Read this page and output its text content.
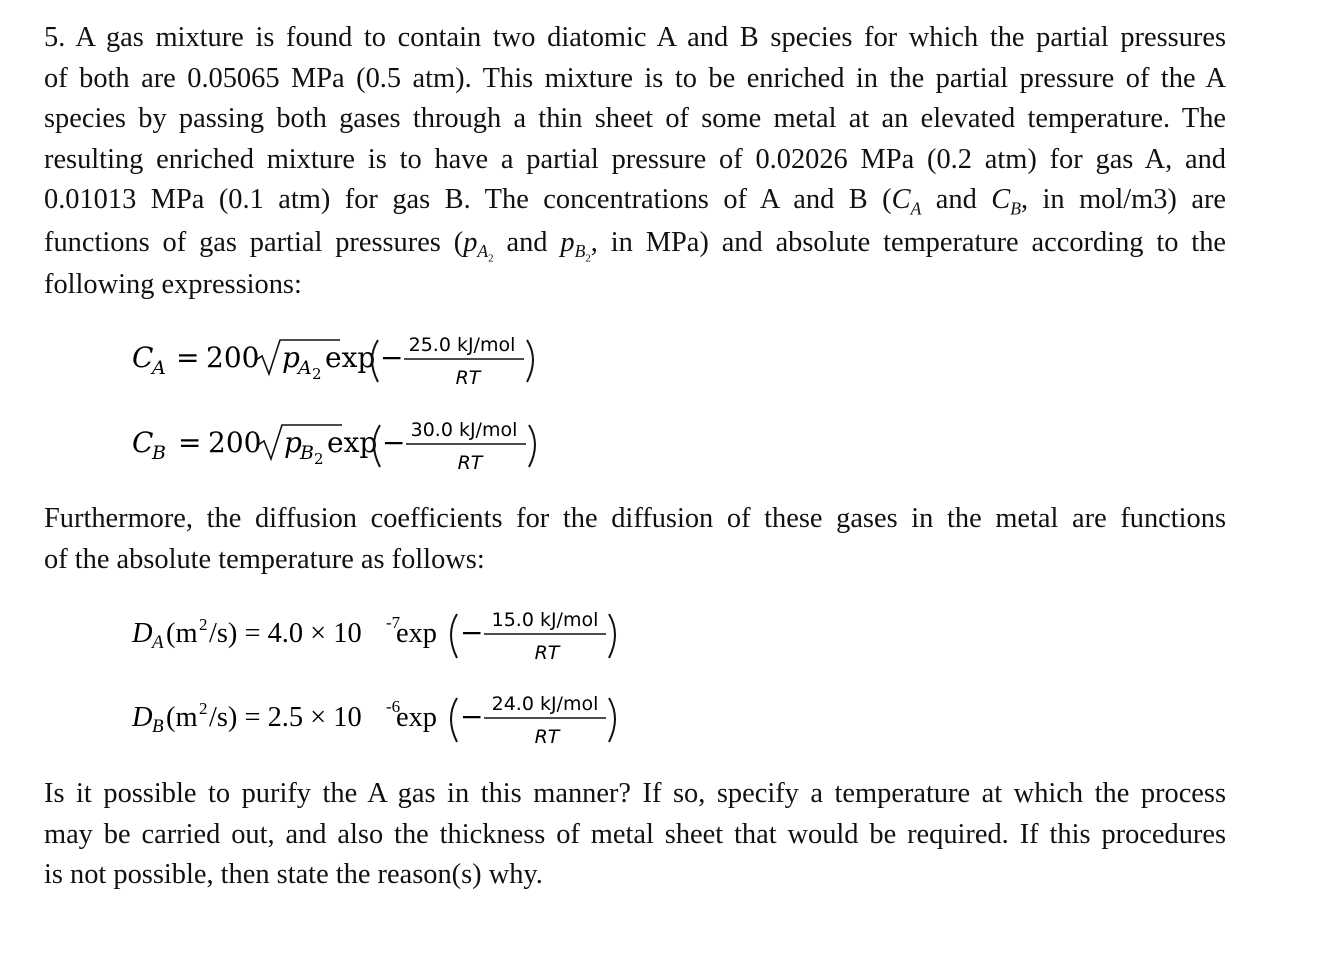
5. A gas mixture is found to contain two diatomic A and B species for which the partial pressures
of both are 0.05065 MPa (0.5 atm). This mixture is to be enriched in the partial pressure of the A
species by passing both gases through a thin sheet of some metal at an elevated temperature. The
resulting enriched mixture is to have a partial pressure of 0.02026 MPa (0.2 atm) for gas A, and
0.01013 MPa (0.1 atm) for gas B. The concentrations of A and B ($C_A$ and $C_B$, in mol/m3) are
functions of gas partial pressures ($p_{A_2}$ and $p_{B_2}$, in MPa) and absolute temperature according to the
following expressions:
C
A = 200 p
A 2 exp − 25.0 kJ/mol
RT
C
B = 200 p
B 2 exp − 30.0 kJ/mol
RT
Furthermore, the diffusion coefficients for the diffusion of these gases in the metal are functions
of the absolute temperature as follows:
D A (m 2 /s) = 4.0 × 10 -7
exp − 15.0 kJ/mol
RT
D B (m 2 /s) = 2.5 × 10 -6
exp − 24.0 kJ/mol
RT
Is it possible to purify the A gas in this manner? If so, specify a temperature at which the process
may be carried out, and also the thickness of metal sheet that would be required. If this procedures
is not possible, then state the reason(s) why.
